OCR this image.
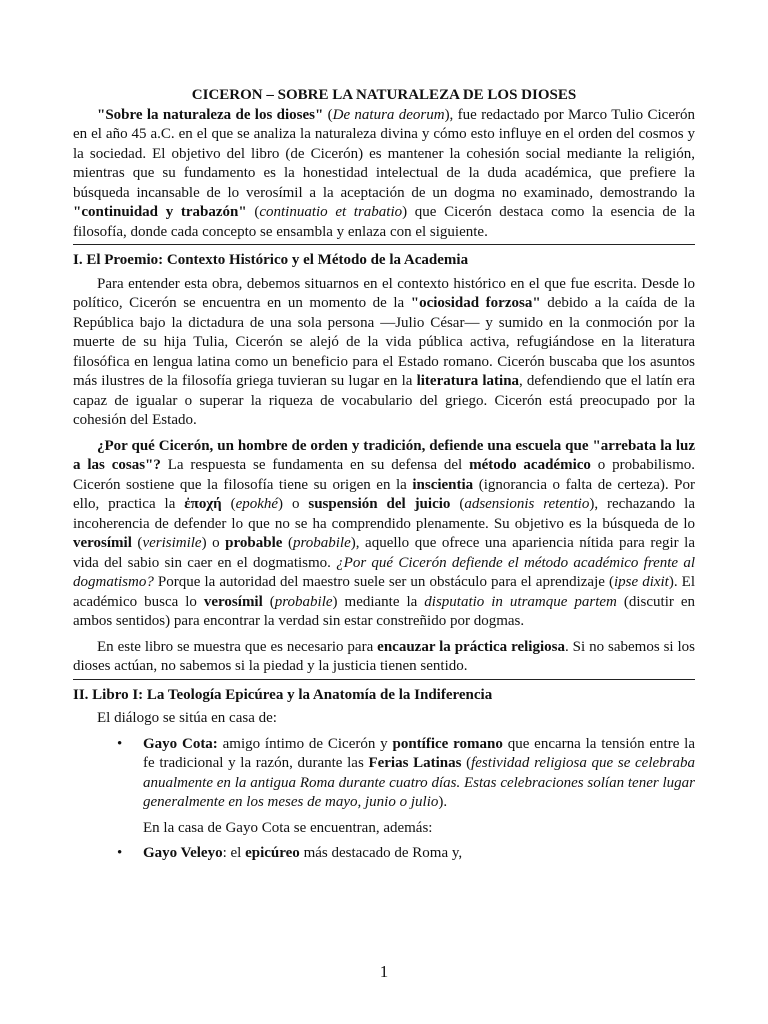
CICERON – SOBRE LA NATURALEZA DE LOS DIOSES

"Sobre la naturaleza de los dioses" (De natura deorum), fue redactado por Marco Tulio Cicerón en el año 45 a.C. en el que se analiza la naturaleza divina y cómo esto influye en el orden del cosmos y la sociedad. El objetivo del libro (de Cicerón) es mantener la cohesión social mediante la religión, mientras que su fundamento es la honestidad intelectual de la duda académica, que prefiere la búsqueda incansable de lo verosímil a la aceptación de un dogma no examinado, demostrando la "continuidad y trabazón" (continuatio et trabatio) que Cicerón destaca como la esencia de la filosofía, donde cada concepto se ensambla y enlaza con el siguiente.

I. El Proemio: Contexto Histórico y el Método de la Academia

Para entender esta obra, debemos situarnos en el contexto histórico en el que fue escrita. Desde lo político, Cicerón se encuentra en un momento de la "ociosidad forzosa" debido a la caída de la República bajo la dictadura de una sola persona —Julio César— y sumido en la conmoción por la muerte de su hija Tulia, Cicerón se alejó de la vida pública activa, refugiándose en la literatura filosófica en lengua latina como un beneficio para el Estado romano. Cicerón buscaba que los asuntos más ilustres de la filosofía griega tuvieran su lugar en la literatura latina, defendiendo que el latín era capaz de igualar o superar la riqueza de vocabulario del griego. Cicerón está preocupado por la cohesión del Estado.

¿Por qué Cicerón, un hombre de orden y tradición, defiende una escuela que "arrebata la luz a las cosas"? La respuesta se fundamenta en su defensa del método académico o probabilismo. Cicerón sostiene que la filosofía tiene su origen en la inscientia (ignorancia o falta de certeza). Por ello, practica la ἐποχή (epokhé) o suspensión del juicio (adsensionis retentio), rechazando la incoherencia de defender lo que no se ha comprendido plenamente. Su objetivo es la búsqueda de lo verosímil (verisimile) o probable (probabile), aquello que ofrece una apariencia nítida para regir la vida del sabio sin caer en el dogmatismo. ¿Por qué Cicerón defiende el método académico frente al dogmatismo? Porque la autoridad del maestro suele ser un obstáculo para el aprendizaje (ipse dixit). El académico busca lo verosímil (probabile) mediante la disputatio in utramque partem (discutir en ambos sentidos) para encontrar la verdad sin estar constreñido por dogmas.

En este libro se muestra que es necesario para encauzar la práctica religiosa. Si no sabemos si los dioses actúan, no sabemos si la piedad y la justicia tienen sentido.

II. Libro I: La Teología Epicúrea y la Anatomía de la Indiferencia

El diálogo se sitúa en casa de:

• Gayo Cota: amigo íntimo de Cicerón y pontífice romano que encarna la tensión entre la fe tradicional y la razón, durante las Ferias Latinas (festividad religiosa que se celebraba anualmente en la antigua Roma durante cuatro días. Estas celebraciones solían tener lugar generalmente en los meses de mayo, junio o julio).

En la casa de Gayo Cota se encuentran, además:

• Gayo Veleyo: el epicúreo más destacado de Roma y,
1
